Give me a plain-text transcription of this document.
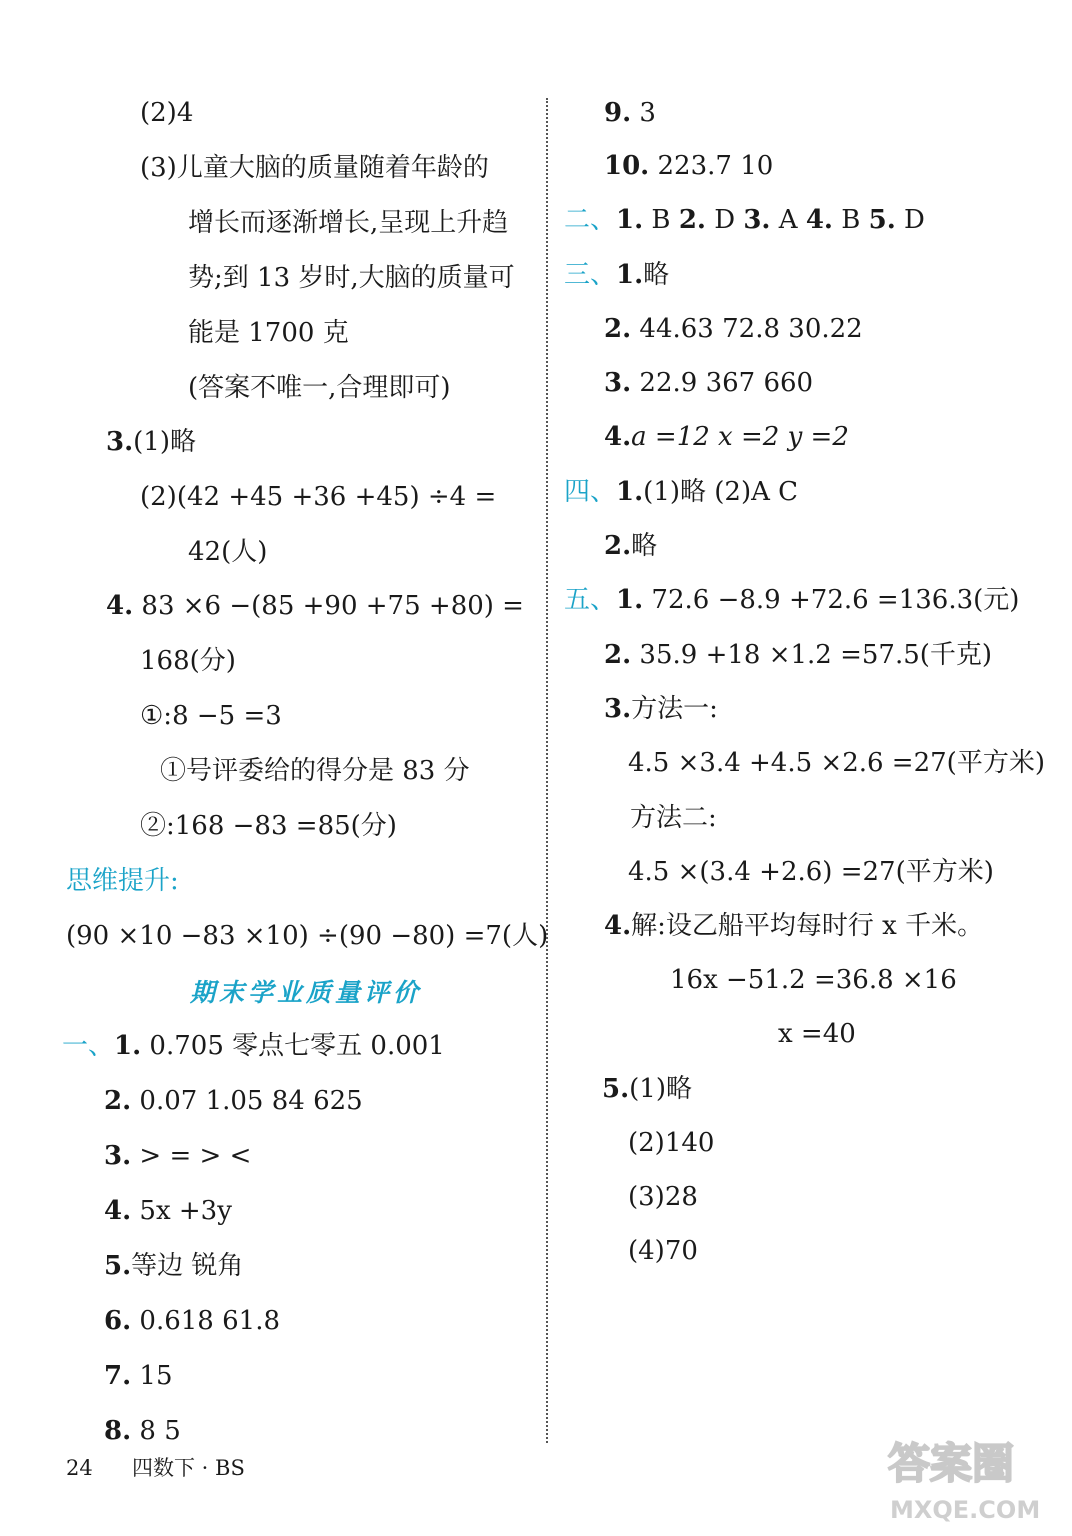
(2)4
(3)儿童大脑的质量随着年龄的
增长而逐渐增长,呈现上升趋
势;到 13 岁时,大脑的质量可
能是 1700 克
(答案不唯一,合理即可)
3.(1)略
(2)(42 +45 +36 +45) ÷4 =
42(人)
4. 83 ×6 −(85 +90 +75 +80) =
168(分)
①:8 −5 =3
①号评委给的得分是 83 分
②:168 −83 =85(分)
思维提升:
(90 ×10 −83 ×10) ÷(90 −80) =7(人)
期末学业质量评价
一、1. 0.705 零点七零五 0.001
2. 0.07 1.05 84 625
3. > = > <
4. 5x +3y
5.等边 锐角
6. 0.618 61.8
7. 15
8. 8 5
9. 3
10. 223.7 10
二、1. B 2. D 3. A 4. B 5. D
三、1.略
2. 44.63 72.8 30.22
3. 22.9 367 660
4.a =12 x =2 y =2
四、1.(1)略 (2)A C
2.略
五、1. 72.6 −8.9 +72.6 =136.3(元)
2. 35.9 +18 ×1.2 =57.5(千克)
3.方法一:
4.5 ×3.4 +4.5 ×2.6 =27(平方米)
方法二:
4.5 ×(3.4 +2.6) =27(平方米)
4.解:设乙船平均每时行 x 千米。
16x −51.2 =36.8 ×16
x =40
5.(1)略
(2)140
(3)28
(4)70
24 四数下 · BS	答案圈
MXQE.COM
